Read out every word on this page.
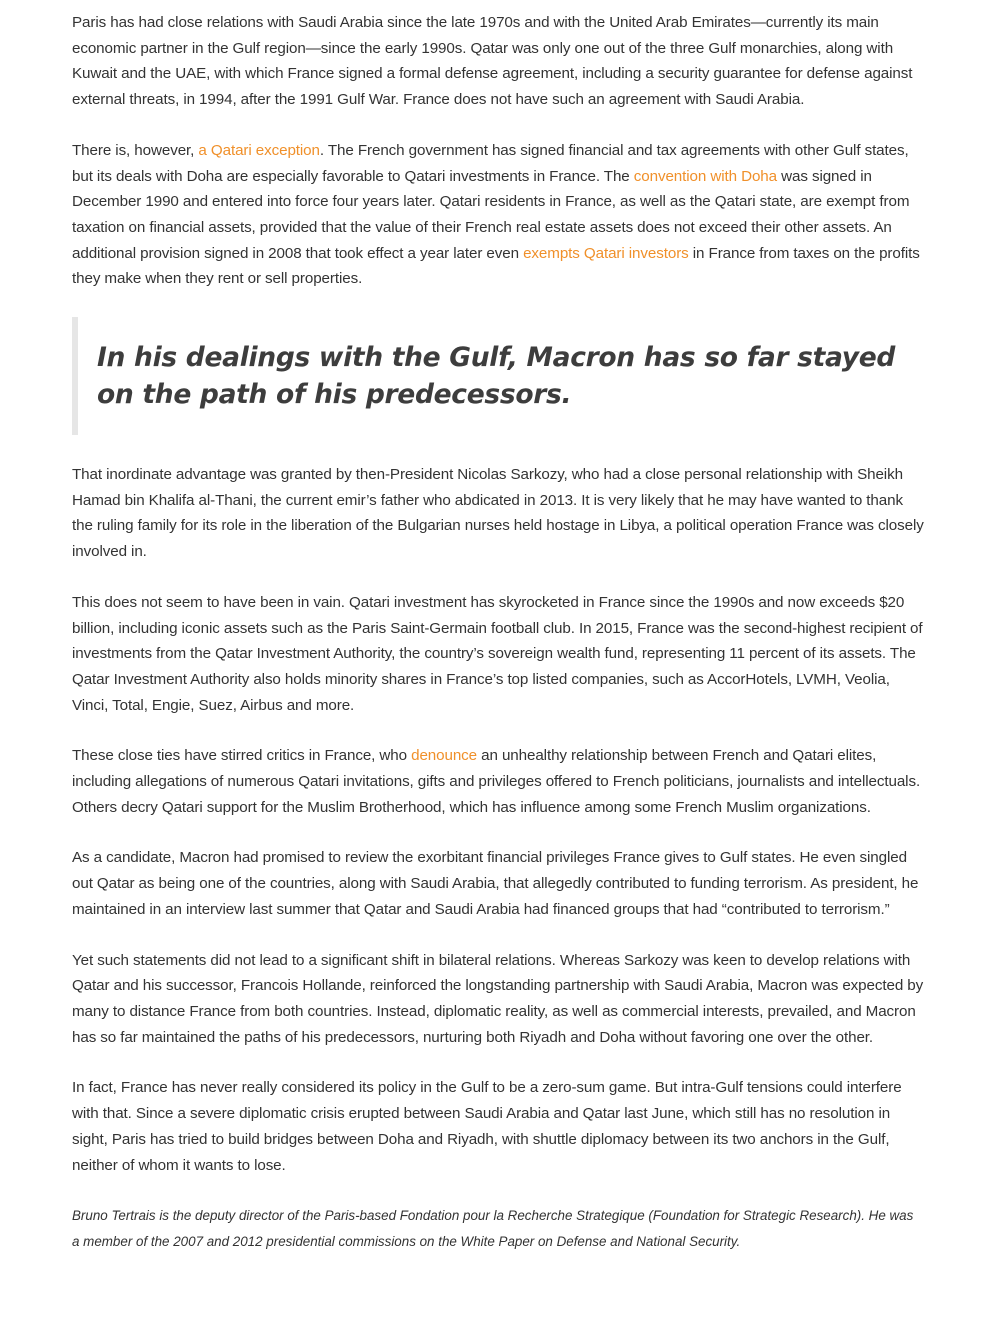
Paris has had close relations with Saudi Arabia since the late 1970s and with the United Arab Emirates—currently its main economic partner in the Gulf region—since the early 1990s. Qatar was only one out of the three Gulf monarchies, along with Kuwait and the UAE, with which France signed a formal defense agreement, including a security guarantee for defense against external threats, in 1994, after the 1991 Gulf War. France does not have such an agreement with Saudi Arabia.

There is, however, a Qatari exception. The French government has signed financial and tax agreements with other Gulf states, but its deals with Doha are especially favorable to Qatari investments in France. The convention with Doha was signed in December 1990 and entered into force four years later. Qatari residents in France, as well as the Qatari state, are exempt from taxation on financial assets, provided that the value of their French real estate assets does not exceed their other assets. An additional provision signed in 2008 that took effect a year later even exempts Qatari investors in France from taxes on the profits they make when they rent or sell properties.

In his dealings with the Gulf, Macron has so far stayed on the path of his predecessors.

That inordinate advantage was granted by then-President Nicolas Sarkozy, who had a close personal relationship with Sheikh Hamad bin Khalifa al-Thani, the current emir’s father who abdicated in 2013. It is very likely that he may have wanted to thank the ruling family for its role in the liberation of the Bulgarian nurses held hostage in Libya, a political operation France was closely involved in.

This does not seem to have been in vain. Qatari investment has skyrocketed in France since the 1990s and now exceeds $20 billion, including iconic assets such as the Paris Saint-Germain football club. In 2015, France was the second-highest recipient of investments from the Qatar Investment Authority, the country’s sovereign wealth fund, representing 11 percent of its assets. The Qatar Investment Authority also holds minority shares in France’s top listed companies, such as AccorHotels, LVMH, Veolia, Vinci, Total, Engie, Suez, Airbus and more.

These close ties have stirred critics in France, who denounce an unhealthy relationship between French and Qatari elites, including allegations of numerous Qatari invitations, gifts and privileges offered to French politicians, journalists and intellectuals. Others decry Qatari support for the Muslim Brotherhood, which has influence among some French Muslim organizations.

As a candidate, Macron had promised to review the exorbitant financial privileges France gives to Gulf states. He even singled out Qatar as being one of the countries, along with Saudi Arabia, that allegedly contributed to funding terrorism. As president, he maintained in an interview last summer that Qatar and Saudi Arabia had financed groups that had “contributed to terrorism.”

Yet such statements did not lead to a significant shift in bilateral relations. Whereas Sarkozy was keen to develop relations with Qatar and his successor, Francois Hollande, reinforced the longstanding partnership with Saudi Arabia, Macron was expected by many to distance France from both countries. Instead, diplomatic reality, as well as commercial interests, prevailed, and Macron has so far maintained the paths of his predecessors, nurturing both Riyadh and Doha without favoring one over the other.

In fact, France has never really considered its policy in the Gulf to be a zero-sum game. But intra-Gulf tensions could interfere with that. Since a severe diplomatic crisis erupted between Saudi Arabia and Qatar last June, which still has no resolution in sight, Paris has tried to build bridges between Doha and Riyadh, with shuttle diplomacy between its two anchors in the Gulf, neither of whom it wants to lose.

Bruno Tertrais is the deputy director of the Paris-based Fondation pour la Recherche Strategique (Foundation for Strategic Research). He was a member of the 2007 and 2012 presidential commissions on the White Paper on Defense and National Security.
